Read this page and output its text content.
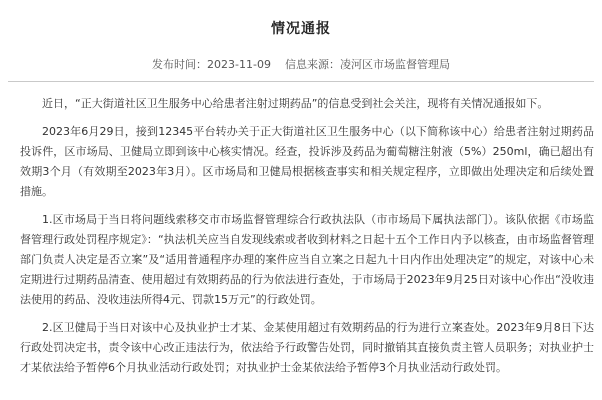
情况通报
发布时间：2023-11-09 信息来源：凌河区市场监督管理局

近日，“正大街道社区卫生服务中心给患者注射过期药品”的信息受到社会关注，现将有关情况通报如下。

2023年6月29日，接到12345平台转办关于正大街道社区卫生服务中心（以下简称该中心）给患者注射过期药品投诉件，区市场局、卫健局立即到该中心核实情况。经查，投诉涉及药品为葡萄糖注射液（5%）250ml，确已超出有效期3个月（有效期至2023年3月）。区市场局和卫健局根据核查事实和相关规定程序，立即做出处理决定和后续处置措施。

1.区市场局于当日将问题线索移交市市场监督管理综合行政执法队（市市场局下属执法部门）。该队依据《市场监督管理行政处罚程序规定》：“执法机关应当自发现线索或者收到材料之日起十五个工作日内予以核查，由市场监督管理部门负责人决定是否立案”及“适用普通程序办理的案件应当自立案之日起九十日内作出处理决定”的规定，对该中心未定期进行过期药品清查、使用超过有效期药品的行为依法进行查处，于市场局于2023年9月25日对该中心作出“没收违法使用的药品、没收违法所得4元、罚款15万元”的行政处罚。

2.区卫健局于当日对该中心及执业护士才某、金某使用超过有效期药品的行为进行立案查处。2023年9月8日下达行政处罚决定书，责令该中心改正违法行为，依法给予行政警告处罚，同时撤销其直接负责主管人员职务；对执业护士才某依法给予暂停6个月执业活动行政处罚；对执业护士金某依法给予暂停3个月执业活动行政处罚。
